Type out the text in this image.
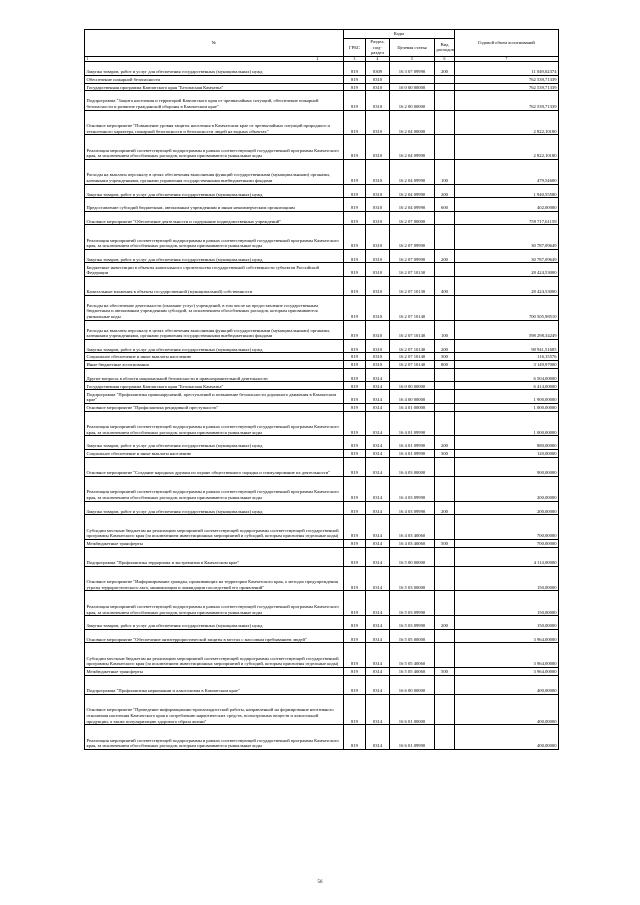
№	Коды				Годовой объем ассигнований
	ГРБС	Раздел, под-раздел	Целевая статья	Вид расходов	
1 2	3	4	5	6	7
Закупка товаров, работ и услуг для обеспечения государственных (муниципальных) нужд	819	0309	16 3 07 09990	200	11 049,02374
Обеспечение пожарной безопасности	819	0310			762 539,71339
Государственная программа Камчатского края "Безопасная Камчатка"	819	0310	16 0 00 00000		762 539,71339
Подпрограмма "Защита населения и территорий Камчатского края от чрезвычайных ситуаций, обеспечение пожарной безопасности и развитие гражданской обороны в Камчатском крае"	819	0310	16 2 00 00000		762 539,71339
Основное мероприятие "Повышение уровня защиты населения в Камчатском крае от чрезвычайных ситуаций природного и техногенного характера, пожарной безопасности и безопасности людей на водных объектах"	819	0310	16 2 04 00000		2 822,10180
Реализация мероприятий соответствующей подпрограммы в рамках соответствующей государственной программы Камчатского края, за исключением обособленных расходов, которым присваиваются уникальные коды	819	0310	16 2 04 09990		2 822,10180
Расходы на выплаты персоналу в целях обеспечения выполнения функций государственными (муниципальными) органами, казенными учреждениями, органами управления государственными внебюджетными фондами	819	0310	16 2 04 09990	100	479,54600
Закупка товаров, работ и услуг для обеспечения государственных (муниципальных) нужд	819	0310	16 2 04 09990	200	1 940,55580
Предоставление субсидий бюджетным, автономным учреждениям и иным некоммерческим организациям	819	0310	16 2 04 09990	600	402,00000
Основное мероприятие "Обеспечение деятельности и содержание подведомственных учреждений"	819	0310	16 2 07 00000		759 717,61159
Реализация мероприятий соответствующей подпрограммы в рамках соответствующей государственной программы Камчатского края, за исключением обособленных расходов, которым присваиваются уникальные коды	819	0310	16 2 07 09990		30 787,09649
Закупка товаров, работ и услуг для обеспечения государственных (муниципальных) нужд	819	0310	16 2 07 09990	200	30 787,09649
Бюджетные инвестиции в объекты капитального строительства государственной собственности субъектов Российской Федерации	819	0310	16 2 07 10130		28 424,53000
Капитальные вложения в объекты государственной (муниципальной) собственности	819	0310	16 2 07 10130	400	28 424,53000
Расходы на обеспечение деятельности (оказание услуг) учреждений, в том числе на предоставление государственным бюджетным и автономным учреждениям субсидий, за исключением обособленных расходов, которым присваиваются уникальные коды	819	0310	16 2 07 10140		700 505,98510
Расходы на выплаты персоналу в целях обеспечения выполнения функций государственными (муниципальными) органами, казенными учреждениями, органами управления государственными внебюджетными фондами	819	0310	16 2 07 10140	100	598 298,34249
Закупка товаров, работ и услуг для обеспечения государственных (муниципальных) нужд	819	0310	16 2 07 10140	200	98 941,51685
Социальное обеспечение и иные выплаты населению	819	0310	16 2 07 10140	300	116,15576
Иные бюджетные ассигнования	819	0310	16 2 07 10140	800	3 149,97000
Другие вопросы в области национальной безопасности и правоохранительной деятельности	819	0314			6 504,00000
Государственная программа Камчатского края "Безопасная Камчатка"	819	0314	16 0 00 00000		6 414,00000
Подпрограмма "Профилактика правонарушений, преступлений и повышение безопасности дорожного движения в Камчатском крае"	819	0314	16 4 00 00000		1 900,00000
Основное мероприятие "Профилактика рецидивной преступности"	819	0314	16 4 01 00000		1 000,00000
Реализация мероприятий соответствующей подпрограммы в рамках соответствующей государственной программы Камчатского края, за исключением обособленных расходов, которым присваиваются уникальные коды	819	0314	16 4 01 09990		1 000,00000
Закупка товаров, работ и услуг для обеспечения государственных (муниципальных) нужд	819	0314	16 4 01 09990	200	880,00000
Социальное обеспечение и иные выплаты населению	819	0314	16 4 01 09990	300	120,00000
Основное мероприятие "Создание народных дружин по охране общественного порядка и стимулирование их деятельности"	819	0314	16 4 03 00000		900,00000
Реализация мероприятий соответствующей подпрограммы в рамках соответствующей государственной программы Камчатского края, за исключением обособленных расходов, которым присваиваются уникальные коды	819	0314	16 4 03 09990		200,00000
Закупка товаров, работ и услуг для обеспечения государственных (муниципальных) нужд	819	0314	16 4 03 09990	200	200,00000
Субсидии местным бюджетам на реализацию мероприятий соответствующей подпрограммы соответствующей государственной программы Камчатского края (за исключением инвестиционных мероприятий и субсидий, которым присвоены отдельные коды)	819	0314	16 4 03 40060		700,00000
Межбюджетные трансферты	819	0314	16 4 03 40060	500	700,00000
Подпрограмма "Профилактика терроризма и экстремизма в Камчатском крае"	819	0314	16 5 00 00000		4 114,00000
Основное мероприятие "Информирование граждан, проживающих на территории Камчатского края, о методах предупреждения угрозы террористического акта, минимизации и ликвидации последствий его проявлений"	819	0314	16 5 03 00000		150,00000
Реализация мероприятий соответствующей подпрограммы в рамках соответствующей государственной программы Камчатского края, за исключением обособленных расходов, которым присваиваются уникальные коды	819	0314	16 5 03 09990		150,00000
Закупка товаров, работ и услуг для обеспечения государственных (муниципальных) нужд	819	0314	16 5 03 09990	200	150,00000
Основное мероприятие "Обеспечение антитеррористической защиты в местах с массовым пребыванием людей"	819	0314	16 5 05 00000		3 964,00000
Субсидии местным бюджетам на реализацию мероприятий соответствующей подпрограммы соответствующей государственной программы Камчатского края (за исключением инвестиционных мероприятий и субсидий, которым присвоены отдельные коды)	819	0314	16 5 05 40060		3 964,00000
Межбюджетные трансферты	819	0314	16 5 05 40060	500	3 964,00000
Подпрограмма "Профилактика наркомании и алкоголизма в Камчатском крае"	819	0314	16 6 00 00000		400,00000
Основное мероприятие "Проведение информационно-пропагандистской работы, направленной на формирование негативного отношения населения Камчатского края к потреблению наркотических средств, психотропных веществ и алкогольной продукции, а также популяризацию здорового образа жизни"	819	0314	16 6 01 00000		400,00000
Реализация мероприятий соответствующей подпрограммы в рамках соответствующей государственной программы Камчатского края, за исключением обособленных расходов, которым присваиваются уникальные коды	819	0314	16 6 01 09990		400,00000
56
